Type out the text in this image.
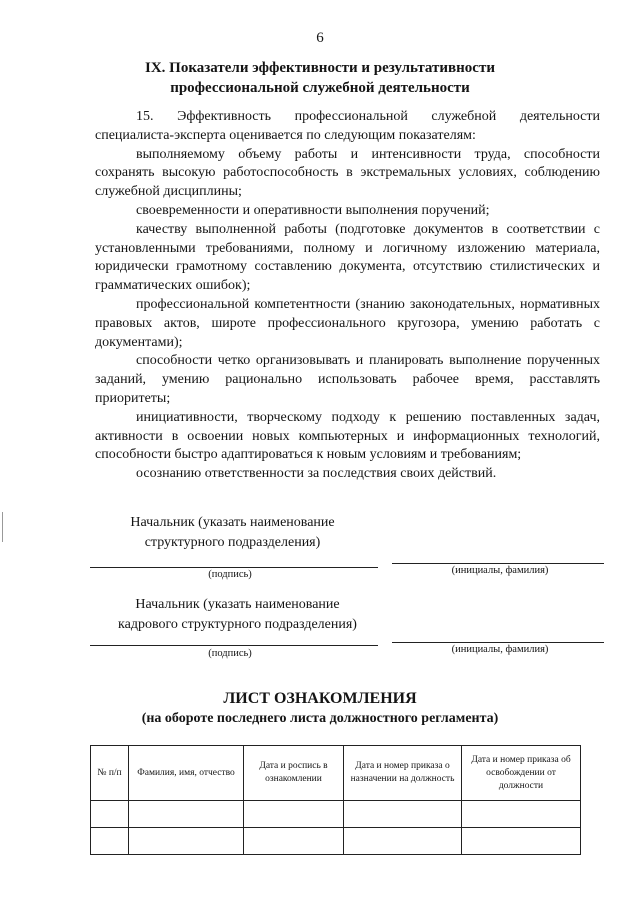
6
IX. Показатели эффективности и результативности
профессиональной служебной деятельности

15. Эффективность профессиональной служебной деятельности специалиста-эксперта оценивается по следующим показателям:

выполняемому объему работы и интенсивности труда, способности сохранять высокую работоспособность в экстремальных условиях, соблюдению служебной дисциплины;

своевременности и оперативности выполнения поручений;

качеству выполненной работы (подготовке документов в соответствии с установленными требованиями, полному и логичному изложению материала, юридически грамотному составлению документа, отсутствию стилистических и грамматических ошибок);

профессиональной компетентности (знанию законодательных, нормативных правовых актов, широте профессионального кругозора, умению работать с документами);

способности четко организовывать и планировать выполнение порученных заданий, умению рационально использовать рабочее время, расставлять приоритеты;

инициативности, творческому подходу к решению поставленных задач, активности в освоении новых компьютерных и информационных технологий, способности быстро адаптироваться к новым условиям и требованиям;

осознанию ответственности за последствия своих действий.

Начальник (указать наименование
структурного подразделения)
(подпись)	(инициалы, фамилия)
Начальник (указать наименование
кадрового структурного подразделения)
(подпись)	(инициалы, фамилия)
ЛИСТ ОЗНАКОМЛЕНИЯ
(на обороте последнего листа должностного регламента)
№ п/п	Фамилия, имя, отчество	Дата и роспись в ознакомлении	Дата и номер приказа о назначении на должность	Дата и номер приказа об освобождении от должности
